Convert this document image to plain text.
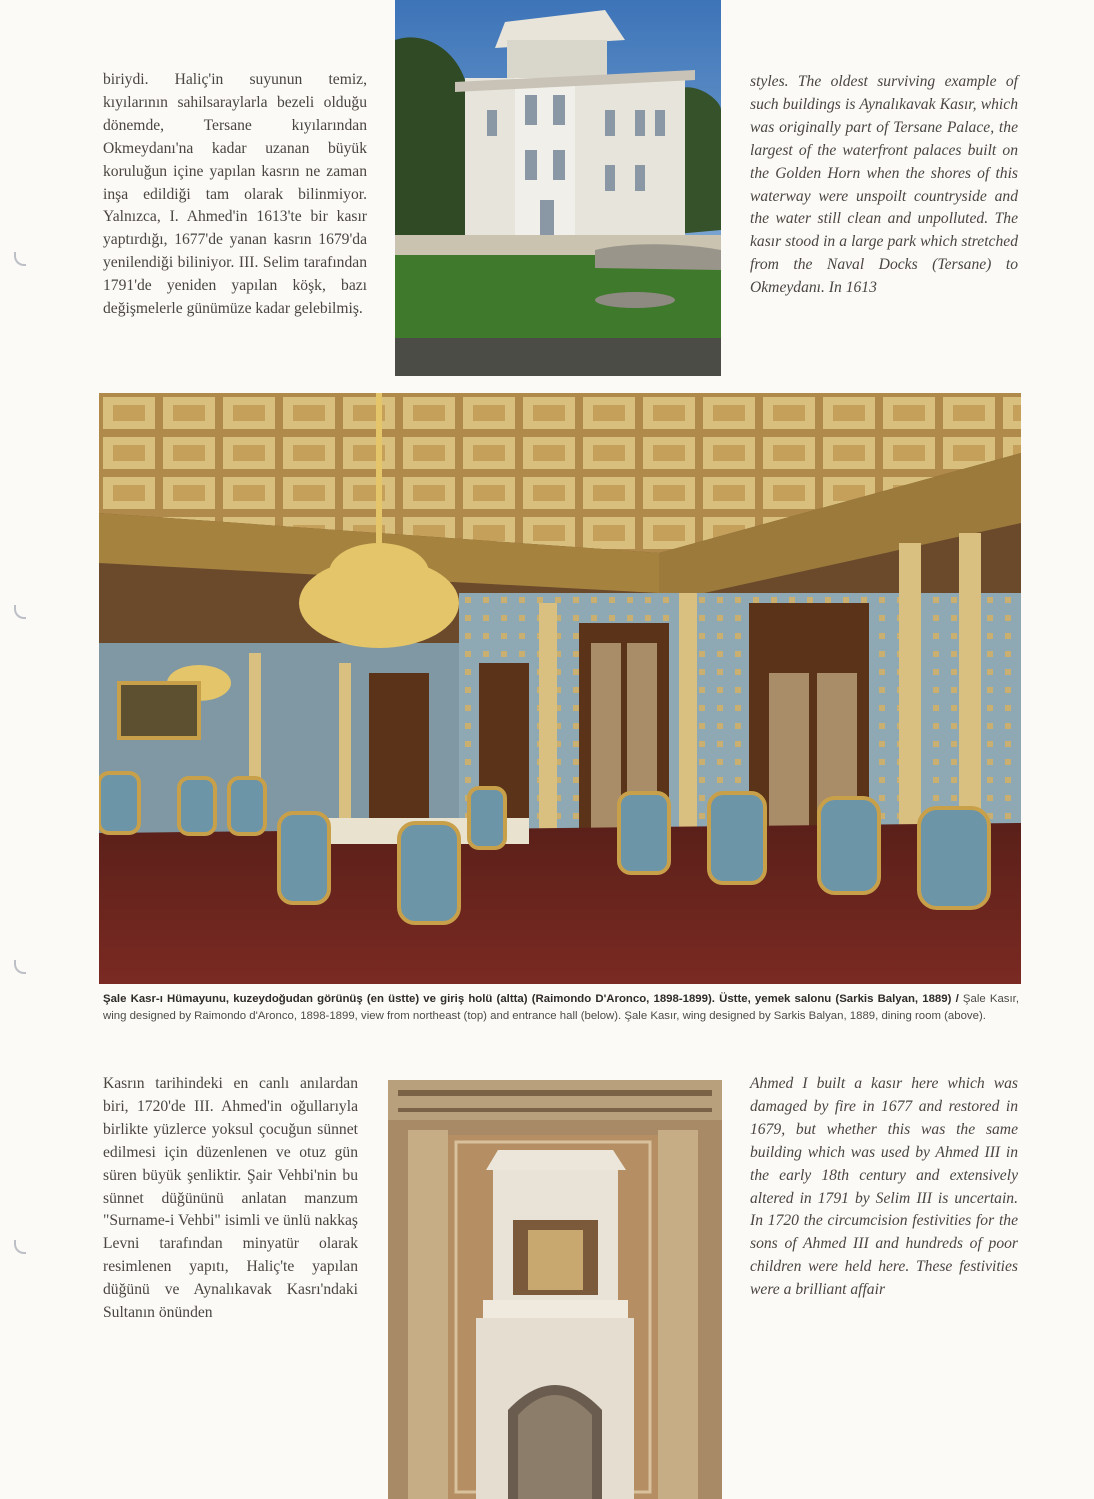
biriydi. Haliç'in suyunun temiz, kıyılarının sahilsaraylarla bezeli olduğu dönemde, Tersane kıyılarından Okmeydanı'na kadar uzanan büyük koruluğun içine yapılan kasrın ne zaman inşa edildiği tam olarak bilinmiyor. Yalnızca, I. Ahmed'in 1613'te bir kasır yaptırdığı, 1677'de yanan kasrın 1679'da yenilendiği biliniyor. III. Selim tarafından 1791'de yeniden yapılan köşk, bazı değişmelerle günümüze kadar gelebilmiş.

styles. The oldest surviving example of such buildings is Aynalıkavak Kasır, which was originally part of Tersane Palace, the largest of the waterfront palaces built on the Golden Horn when the shores of this waterway were unspoilt countryside and the water still clean and unpolluted. The kasır stood in a large park which stretched from the Naval Docks (Tersane) to Okmeydanı. In 1613

Şale Kasr-ı Hümayunu, kuzeydoğudan görünüş (en üstte) ve giriş holü (altta) (Raimondo D'Aronco, 1898-1899). Üstte, yemek salonu (Sarkis Balyan, 1889) / Şale Kasır, wing designed by Raimondo d'Aronco, 1898-1899, view from northeast (top) and entrance hall (below). Şale Kasır, wing designed by Sarkis Balyan, 1889, dining room (above).

Kasrın tarihindeki en canlı anılardan biri, 1720'de III. Ahmed'in oğullarıyla birlikte yüzlerce yoksul çocuğun sünnet edilmesi için düzenlenen ve otuz gün süren büyük şenliktir. Şair Vehbi'nin bu sünnet düğününü anlatan manzum "Surname-i Vehbi" isimli ve ünlü nakkaş Levni tarafından minyatür olarak resimlenen yapıtı, Haliç'te yapılan düğünü ve Aynalıkavak Kasrı'ndaki Sultanın önünden

Ahmed I built a kasır here which was damaged by fire in 1677 and restored in 1679, but whether this was the same building which was used by Ahmed III in the early 18th century and extensively altered in 1791 by Selim III is uncertain. In 1720 the circumcision festivities for the sons of Ahmed III and hundreds of poor children were held here. These festivities were a brilliant affair
